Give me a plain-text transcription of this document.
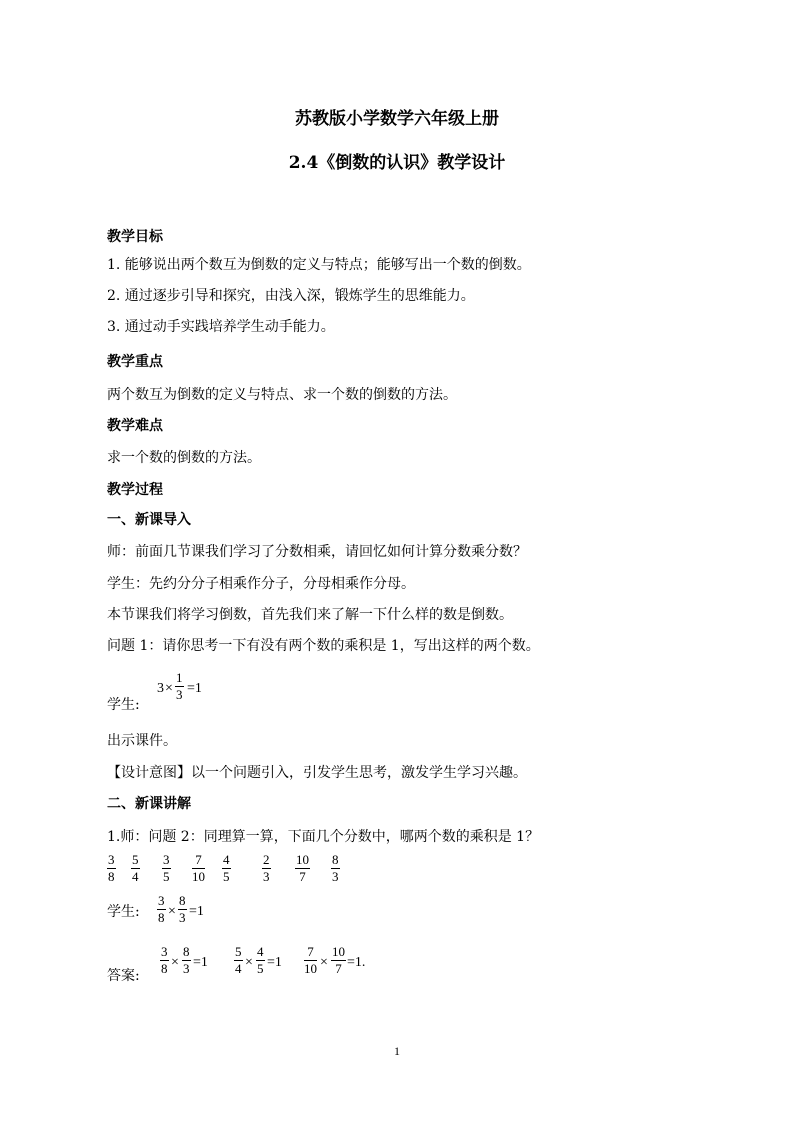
苏教版小学数学六年级上册
2.4《倒数的认识》教学设计
教学目标
1. 能够说出两个数互为倒数的定义与特点；能够写出一个数的倒数。
2. 通过逐步引导和探究，由浅入深，锻炼学生的思维能力。
3. 通过动手实践培养学生动手能力。
教学重点
两个数互为倒数的定义与特点、求一个数的倒数的方法。
教学难点
求一个数的倒数的方法。
教学过程
一、新课导入
师：前面几节课我们学习了分数相乘，请回忆如何计算分数乘分数？
学生：先约分分子相乘作分子，分母相乘作分母。
本节课我们将学习倒数，首先我们来了解一下什么样的数是倒数。
问题 1：请你思考一下有没有两个数的乘积是 1，写出这样的两个数。
学生:
$3 \times \frac{1}{3} =1$
出示课件。
【设计意图】以一个问题引入，引发学生思考，激发学生学习兴趣。
二、新课讲解
1.师：问题 2：同理算一算，下面几个分数中，哪两个数的乘积是 1？
$\frac{3}{8} \frac{5}{4} \frac{3}{5} \frac{7}{10} \frac{4}{5} \frac{2}{3} \frac{10}{7} \frac{8}{3}$
学生: $\frac{3}{8} \times \frac{8}{3} =1$
答案: $\frac{3}{8} \times \frac{8}{3} =1 \frac{5}{4} \times \frac{4}{5} =1 \frac{7}{10} \times \frac{10}{7} =1$.
1
